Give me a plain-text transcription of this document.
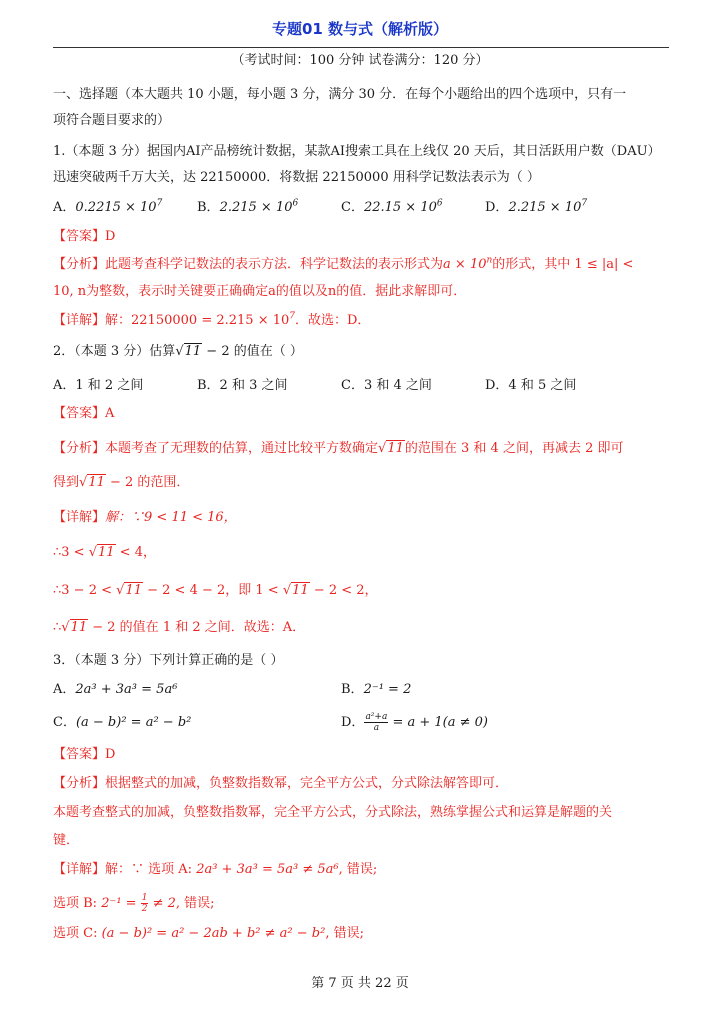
专题01 数与式（解析版）
（考试时间：100 分钟 试卷满分：120 分）
一、选择题（本大题共 10 小题，每小题 3 分，满分 30 分．在每个小题给出的四个选项中，只有一
项符合题目要求的）
1.（本题 3 分）据国内AI产品榜统计数据，某款AI搜索工具在上线仅 20 天后，其日活跃用户数（DAU）
迅速突破两千万大关，达 22150000．将数据 22150000 用科学记数法表示为（ ）
A．$0.2215 \times 10^7$	B．$2.215 \times 10^6$	C．$22.15 \times 10^6$	D．$2.215 \times 10^7$
【答案】D
【分析】此题考查科学记数法的表示方法．科学记数法的表示形式为$a \times 10^n$的形式，其中 1 ≤ |a| <
10, n为整数，表示时关键要正确确定a的值以及n的值．据此求解即可．
【详解】解：$22150000 = 2.215 \times 10^7$．故选：D．
2．（本题 3 分）估算√11 − 2 的值在（ ）
A．1 和 2 之间	B．2 和 3 之间	C．3 和 4 之间	D．4 和 5 之间
【答案】A
【分析】本题考查了无理数的估算，通过比较平方数确定√11的范围在 3 和 4 之间，再减去 2 即可
得到√11 − 2 的范围．
【详解】解：∵9 < 11 < 16，
∴3 < √11 < 4，
∴3 − 2 < √11 − 2 < 4 − 2，即 1 < √11 − 2 < 2，
∴√11 − 2 的值在 1 和 2 之间．故选：A．
3．（本题 3 分）下列计算正确的是（ ）
A．2a³ + 3a³ = 5a⁶	B．2⁻¹ = 2
C．(a − b)² = a² − b²	D． $\frac{\text{a²+a}}{a} = a + 1(a \ne 0)$
【答案】D
【分析】根据整式的加减，负整数指数幂，完全平方公式，分式除法解答即可．
本题考查整式的加减，负整数指数幂，完全平方公式，分式除法，熟练掌握公式和运算是解题的关
键．
【详解】解：∵ 选项 A: 2a³ + 3a³ = 5a³ ≠ 5a⁶, 错误;
选项 B: $2^{-1} = \frac{1}{2} \ne 2$, 错误;
选项 C: (a − b)² = a² − 2ab + b² ≠ a² − b², 错误;
第 7 页 共 22 页
